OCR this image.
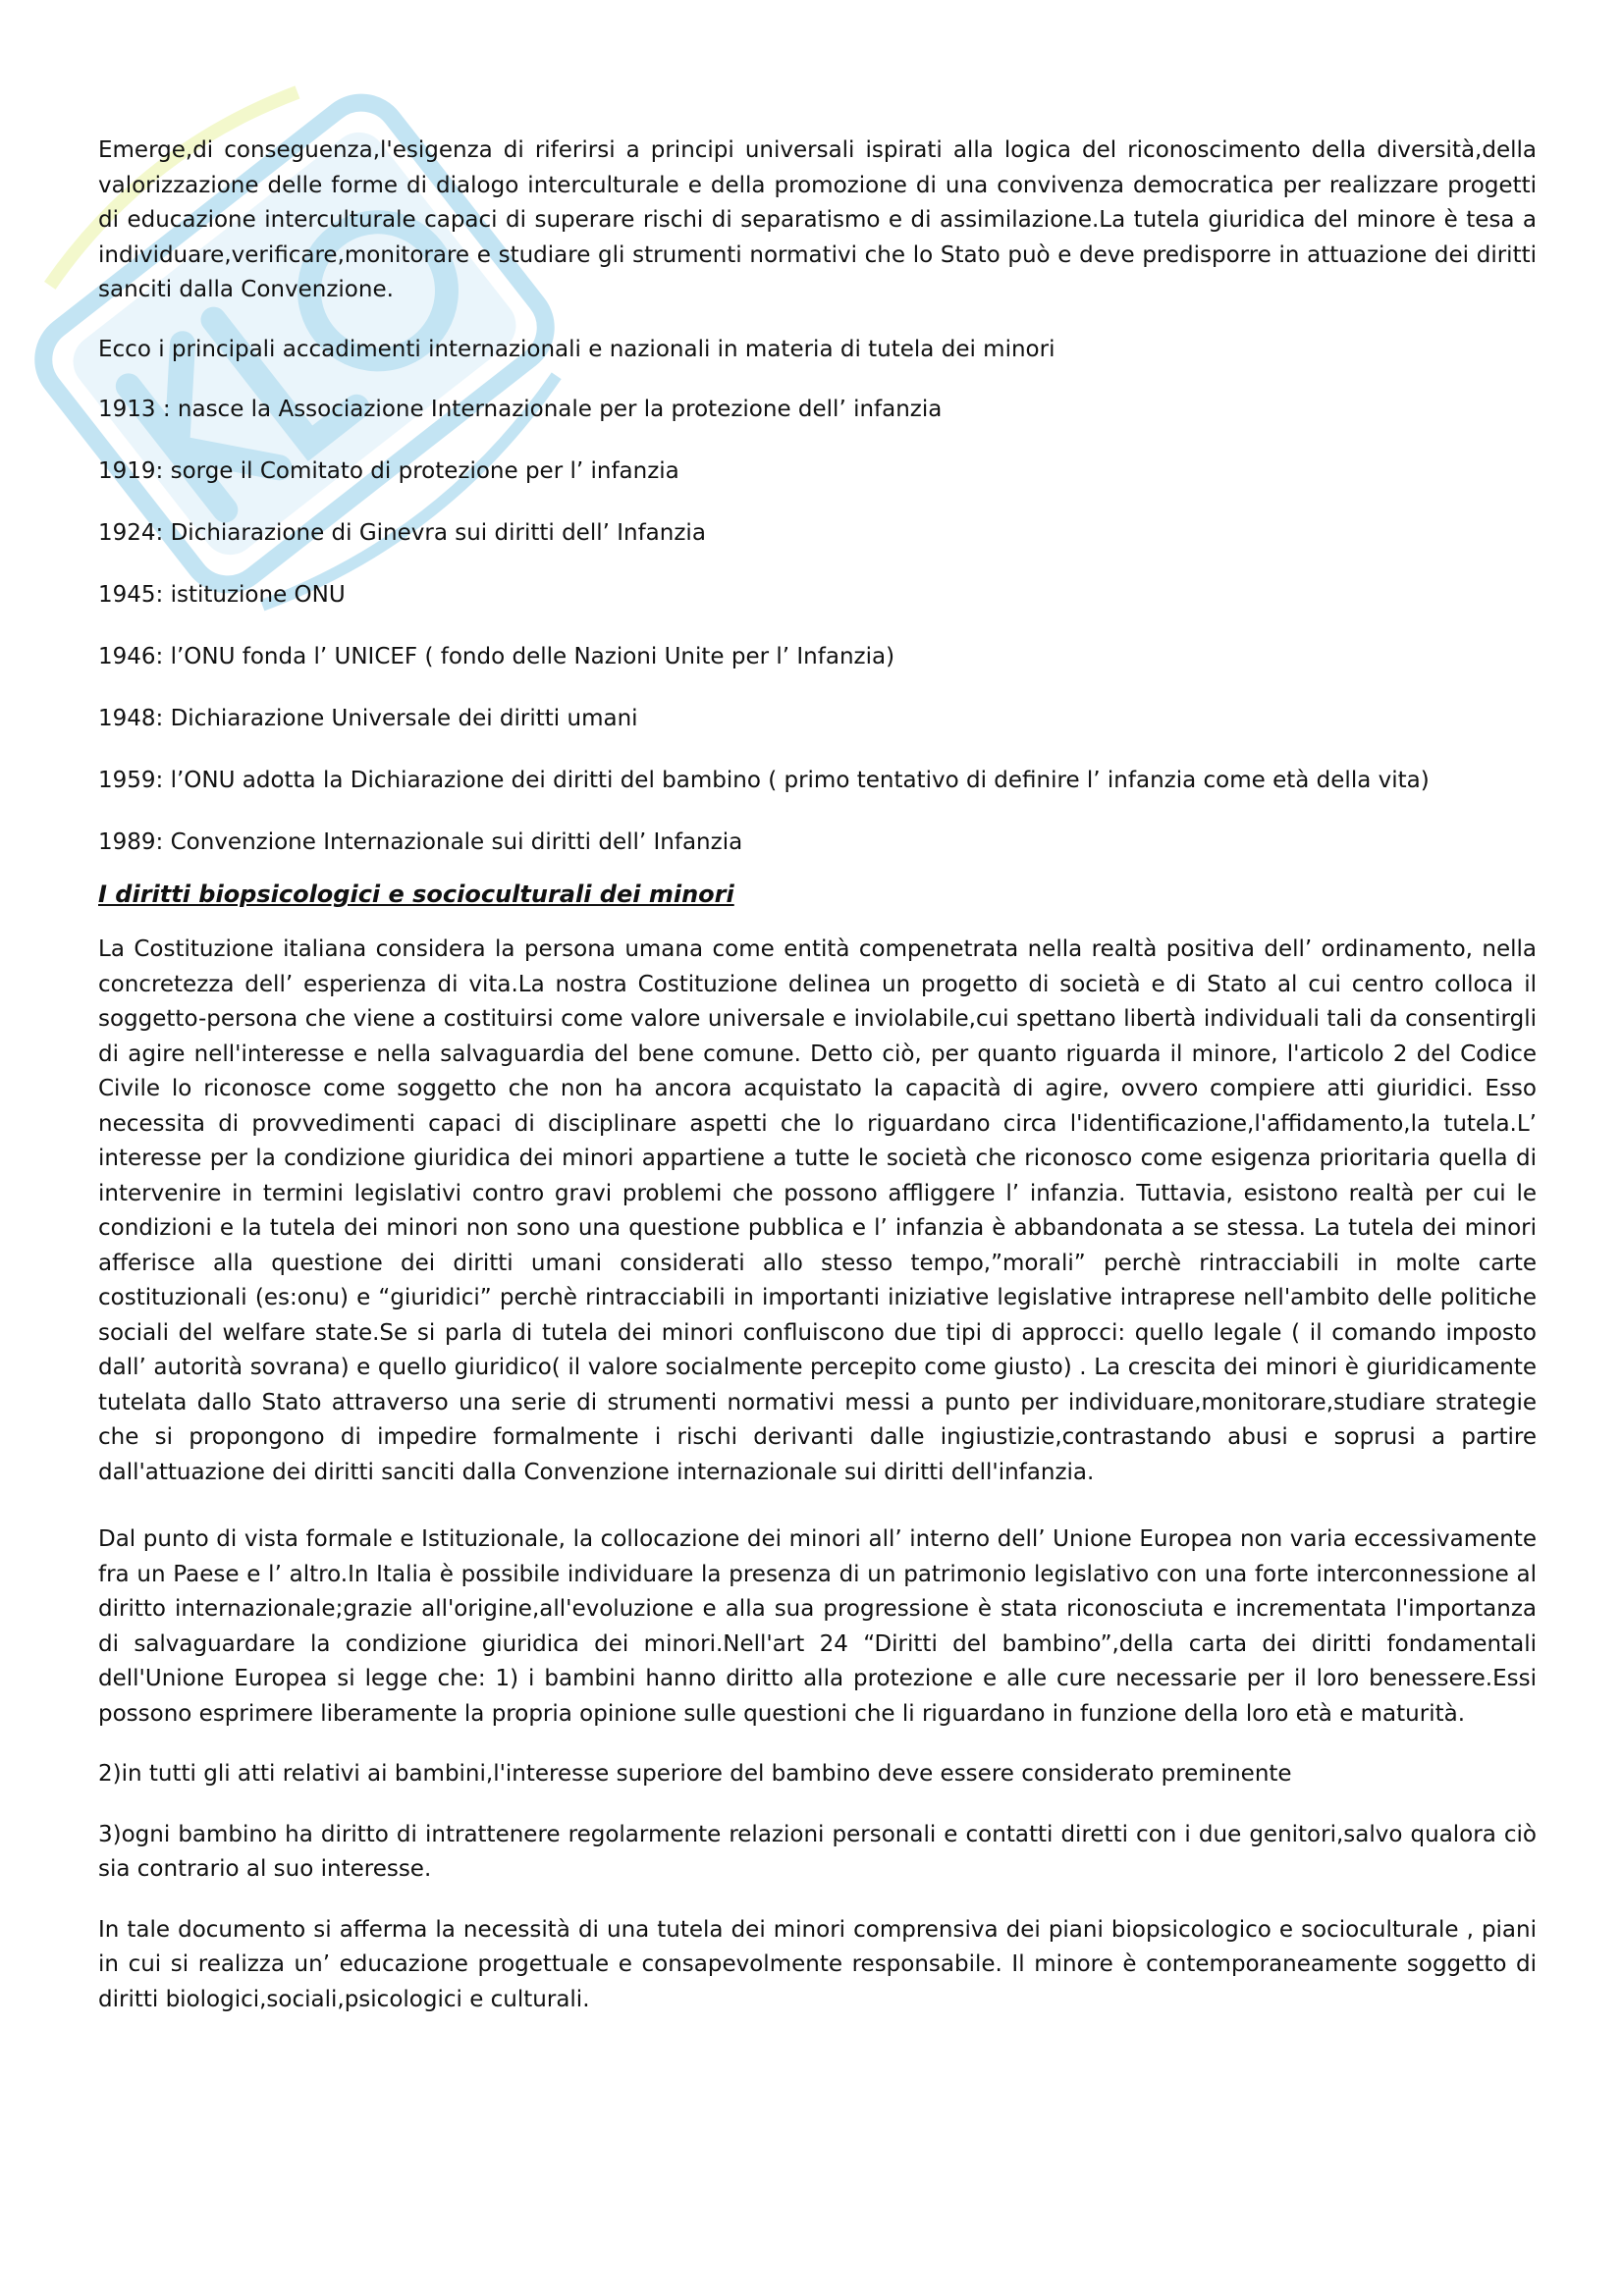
Emerge,di conseguenza,l'esigenza di riferirsi a principi universali ispirati alla logica del riconoscimento della diversità,della valorizzazione delle forme di dialogo interculturale e della promozione di una convivenza democratica per realizzare progetti di educazione interculturale capaci di superare rischi di separatismo e di assimilazione.La tutela giuridica del minore è tesa a individuare,verificare,monitorare e studiare gli strumenti normativi che lo Stato può e deve predisporre in attuazione dei diritti sanciti dalla Convenzione.

Ecco i principali accadimenti internazionali e nazionali in materia di tutela dei minori

1913 : nasce la Associazione Internazionale per la protezione dell’ infanzia
1919: sorge il Comitato di protezione per l’ infanzia
1924: Dichiarazione di Ginevra sui diritti dell’ Infanzia
1945: istituzione ONU
1946: l’ONU fonda l’ UNICEF ( fondo delle Nazioni Unite per l’ Infanzia)
1948: Dichiarazione Universale dei diritti umani
1959: l’ONU adotta la Dichiarazione dei diritti del bambino ( primo tentativo di definire l’ infanzia come età della vita)
1989: Convenzione Internazionale sui diritti dell’ Infanzia
I diritti biopsicologici e socioculturali dei minori

La Costituzione italiana considera la persona umana come entità compenetrata nella realtà positiva dell’ ordinamento, nella concretezza dell’ esperienza di vita.La nostra Costituzione delinea un progetto di società e di Stato al cui centro colloca il soggetto-persona che viene a costituirsi come valore universale e inviolabile,cui spettano libertà individuali tali da consentirgli di agire nell'interesse e nella salvaguardia del bene comune. Detto ciò, per quanto riguarda il minore, l'articolo 2 del Codice Civile lo riconosce come soggetto che non ha ancora acquistato la capacità di agire, ovvero compiere atti giuridici. Esso necessita di provvedimenti capaci di disciplinare aspetti che lo riguardano circa l'identificazione,l'affidamento,la tutela.L’ interesse per la condizione giuridica dei minori appartiene a tutte le società che riconosco come esigenza prioritaria quella di intervenire in termini legislativi contro gravi problemi che possono affliggere l’ infanzia. Tuttavia, esistono realtà per cui le condizioni e la tutela dei minori non sono una questione pubblica e l’ infanzia è abbandonata a se stessa. La tutela dei minori afferisce alla questione dei diritti umani considerati allo stesso tempo,”morali” perchè rintracciabili in molte carte costituzionali (es:onu) e “giuridici” perchè rintracciabili in importanti iniziative legislative intraprese nell'ambito delle politiche sociali del welfare state.Se si parla di tutela dei minori confluiscono due tipi di approcci: quello legale ( il comando imposto dall’ autorità sovrana) e quello giuridico( il valore socialmente percepito come giusto) . La crescita dei minori è giuridicamente tutelata dallo Stato attraverso una serie di strumenti normativi messi a punto per individuare,monitorare,studiare strategie che si propongono di impedire formalmente i rischi derivanti dalle ingiustizie,contrastando abusi e soprusi a partire dall'attuazione dei diritti sanciti dalla Convenzione internazionale sui diritti dell'infanzia.

Dal punto di vista formale e Istituzionale, la collocazione dei minori all’ interno dell’ Unione Europea non varia eccessivamente fra un Paese e l’ altro.In Italia è possibile individuare la presenza di un patrimonio legislativo con una forte interconnessione al diritto internazionale;grazie all'origine,all'evoluzione e alla sua progressione è stata riconosciuta e incrementata l'importanza di salvaguardare la condizione giuridica dei minori.Nell'art 24 “Diritti del bambino”,della carta dei diritti fondamentali dell'Unione Europea si legge che: 1) i bambini hanno diritto alla protezione e alle cure necessarie per il loro benessere.Essi possono esprimere liberamente la propria opinione sulle questioni che li riguardano in funzione della loro età e maturità.

2)in tutti gli atti relativi ai bambini,l'interesse superiore del bambino deve essere considerato preminente

3)ogni bambino ha diritto di intrattenere regolarmente relazioni personali e contatti diretti con i due genitori,salvo qualora ciò sia contrario al suo interesse.

In tale documento si afferma la necessità di una tutela dei minori comprensiva dei piani biopsicologico e socioculturale , piani in cui si realizza un’ educazione progettuale e consapevolmente responsabile. Il minore è contemporaneamente soggetto di diritti biologici,sociali,psicologici e culturali.
